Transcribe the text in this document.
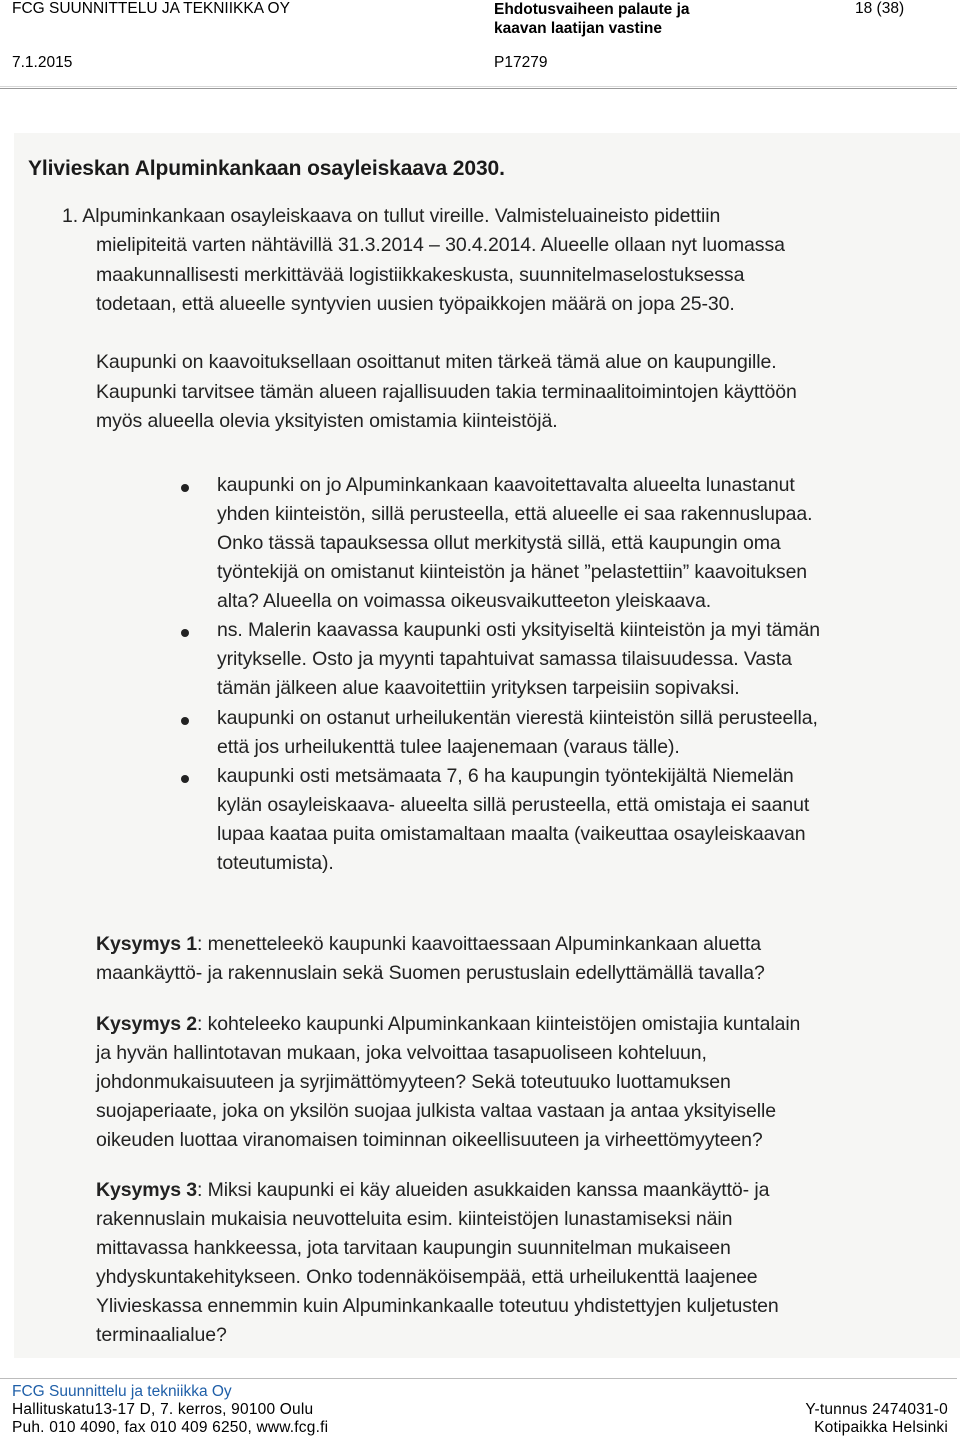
FCG SUUNNITTELU JA TEKNIIKKA OY	Ehdotusvaiheen palaute ja
kaavan laatijan vastine
18 (38)
7.1.2015	P17279
Ylivieskan Alpuminkankaan osayleiskaava 2030.
1. Alpuminkankaan osayleiskaava on tullut vireille. Valmisteluaineisto pidettiin
mielipiteitä varten nähtävillä 31.3.2014 – 30.4.2014. Alueelle ollaan nyt luomassa
maakunnallisesti merkittävää logistiikkakeskusta, suunnitelmaselostuksessa
todetaan, että alueelle syntyvien uusien työpaikkojen määrä on jopa 25-30.
Kaupunki on kaavoituksellaan osoittanut miten tärkeä tämä alue on kaupungille.
Kaupunki tarvitsee tämän alueen rajallisuuden takia terminaalitoimintojen käyttöön
myös alueella olevia yksityisten omistamia kiinteistöjä.
kaupunki on jo Alpuminkankaan kaavoitettavalta alueelta lunastanut
yhden kiinteistön, sillä perusteella, että alueelle ei saa rakennuslupaa.
Onko tässä tapauksessa ollut merkitystä sillä, että kaupungin oma
työntekijä on omistanut kiinteistön ja hänet ”pelastettiin” kaavoituksen
alta? Alueella on voimassa oikeusvaikutteeton yleiskaava.
ns. Malerin kaavassa kaupunki osti yksityiseltä kiinteistön ja myi tämän
yritykselle. Osto ja myynti tapahtuivat samassa tilaisuudessa. Vasta
tämän jälkeen alue kaavoitettiin yrityksen tarpeisiin sopivaksi.
kaupunki on ostanut urheilukentän vierestä kiinteistön sillä perusteella,
että jos urheilukenttä tulee laajenemaan (varaus tälle).
kaupunki osti metsämaata 7, 6 ha kaupungin työntekijältä Niemelän
kylän osayleiskaava- alueelta sillä perusteella, että omistaja ei saanut
lupaa kaataa puita omistamaltaan maalta (vaikeuttaa osayleiskaavan
toteutumista).
Kysymys 1: menetteleekö kaupunki kaavoittaessaan Alpuminkankaan aluetta
maankäyttö- ja rakennuslain sekä Suomen perustuslain edellyttämällä tavalla?
Kysymys 2: kohteleeko kaupunki Alpuminkankaan kiinteistöjen omistajia kuntalain
ja hyvän hallintotavan mukaan, joka velvoittaa tasapuoliseen kohteluun,
johdonmukaisuuteen ja syrjimättömyyteen? Sekä toteutuuko luottamuksen
suojaperiaate, joka on yksilön suojaa julkista valtaa vastaan ja antaa yksityiselle
oikeuden luottaa viranomaisen toiminnan oikeellisuuteen ja virheettömyyteen?
Kysymys 3: Miksi kaupunki ei käy alueiden asukkaiden kanssa maankäyttö- ja
rakennuslain mukaisia neuvotteluita esim. kiinteistöjen lunastamiseksi näin
mittavassa hankkeessa, jota tarvitaan kaupungin suunnitelman mukaiseen
yhdyskuntakehitykseen. Onko todennäköisempää, että urheilukenttä laajenee
Ylivieskassa ennemmin kuin Alpuminkankaalle toteutuu yhdistettyjen kuljetusten
terminaalialue?
FCG Suunnittelu ja tekniikka Oy
Hallituskatu13-17 D, 7. kerros, 90100 Oulu
Puh. 010 4090, fax 010 409 6250, www.fcg.fi
Y-tunnus 2474031-0
Kotipaikka Helsinki
